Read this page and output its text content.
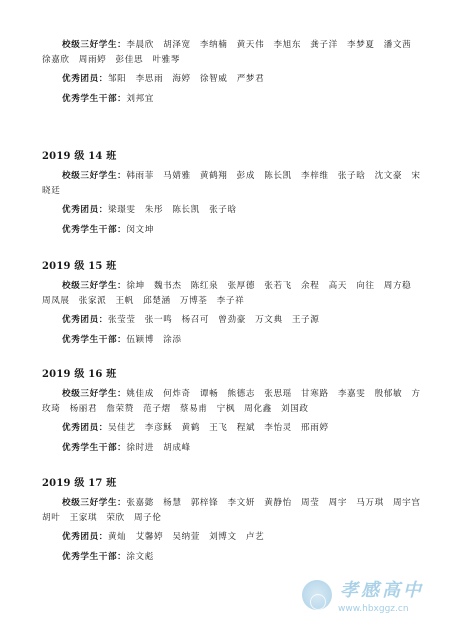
校级三好学生：李晨欣　胡泽宽　李纳楠　黄天伟　李旭东　龚子洋　李梦夏　潘文茜　徐嘉欣　周雨婷　彭佳思　叶雅琴

优秀团员：邹阳　李思雨　海婷　徐智威　严梦君

优秀学生干部：刘邦宜

2019 级 14 班

校级三好学生：韩雨菲　马婧雅　黄鹤翔　彭成　陈长凯　李梓维　张子晗　沈文豪　宋晓廷

优秀团员：梁璟雯　朱彤　陈长凯　张子晗

优秀学生干部：闵文坤

2019 级 15 班

校级三好学生：徐坤　魏书杰　陈红泉　张厚德　张若飞　余程　高天　向往　周方稳　周凤展　张家派　王帆　邱楚涵　万博荃　李子祥

优秀团员：张莹莹　张一鸣　杨召可　曾劲豪　万文典　王子源

优秀学生干部：伍颖博　涂添

2019 级 16 班

校级三好学生：姚佳成　何炸奇　谭畅　熊德志　张思瑶　甘寒路　李嘉雯　殷郁敏　方玫琦　杨丽君　詹荣赞　范子熠　蔡易甫　宁枫　周化鑫　刘国政

优秀团员：吴佳艺　李彦稣　黄鹤　王飞　程斌　李怡灵　邢雨婷

优秀学生干部：徐时进　胡成峰

2019 级 17 班

校级三好学生：张嘉懿　杨慧　郭梓锋　李文妍　黄静怡　周莹　周宇　马万琪　周宇宫　胡叶　王家琪　荣欣　周子伦

优秀团员：黄灿　艾馨婷　吴纳萱　刘博文　卢艺

优秀学生干部：涂文彪

孝感高中
www.hbxggz.cn
